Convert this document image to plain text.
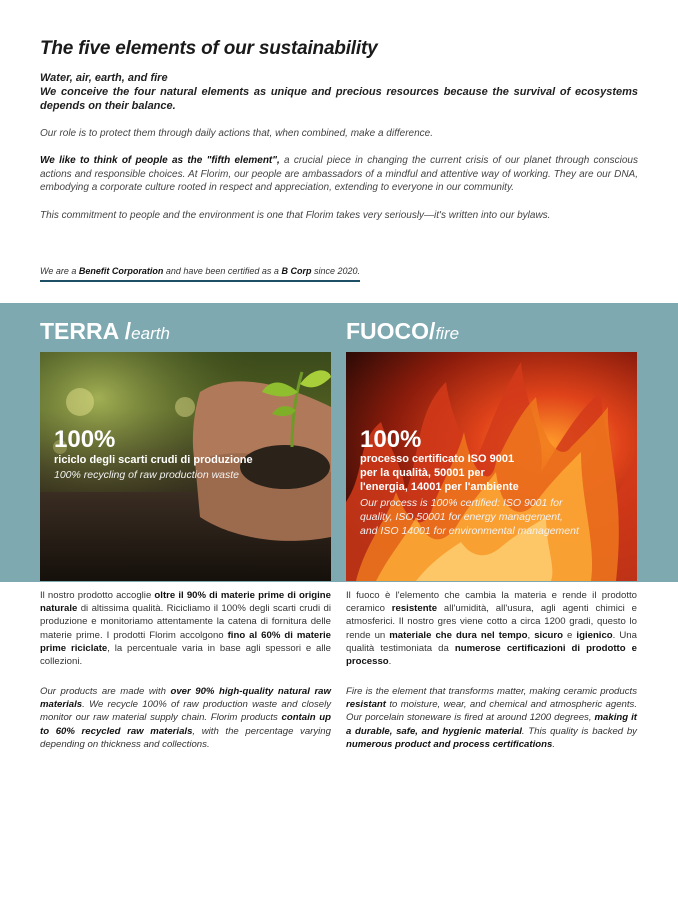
The five elements of our sustainability

Water, air, earth, and fire

We conceive the four natural elements as unique and precious resources because the survival of ecosystems depends on their balance.

Our role is to protect them through daily actions that, when combined, make a difference.

We like to think of people as the "fifth element", a crucial piece in changing the current crisis of our planet through conscious actions and responsible choices. At Florim, our people are ambassadors of a mindful and attentive way of working. They are our DNA, embodying a corporate culture rooted in respect and appreciation, extending to everyone in our community.

This commitment to people and the environment is one that Florim takes very seriously—it's written into our bylaws.

We are a Benefit Corporation and have been certified as a B Corp since 2020.
TERRA /earth	FUOCO/fire

100%

riciclo degli scarti crudi di produzione

100% recycling of raw production waste

100%

processo certificato ISO 9001

per la qualità, 50001 per

l'energia, 14001 per l'ambiente

Our process is 100% certified: ISO 9001 for

quality, ISO 50001 for energy management,

and ISO 14001 for environmental management

Il nostro prodotto accoglie oltre il 90% di materie prime di origine naturale di altissima qualità. Ricicliamo il 100% degli scarti crudi di produzione e monitoriamo attentamente la catena di fornitura delle materie prime. I prodotti Florim accolgono fino al 60% di materie prime riciclate, la percentuale varia in base agli spessori e alle collezioni.

Our products are made with over 90% high-quality natural raw materials. We recycle 100% of raw production waste and closely monitor our raw material supply chain. Florim products contain up to 60% recycled raw materials, with the percentage varying depending on thickness and collections.

Il fuoco è l'elemento che cambia la materia e rende il prodotto ceramico resistente all'umidità, all'usura, agli agenti chimici e atmosferici. Il nostro gres viene cotto a circa 1200 gradi, questo lo rende un materiale che dura nel tempo, sicuro e igienico. Una qualità testimoniata da numerose certificazioni di prodotto e processo.

Fire is the element that transforms matter, making ceramic products resistant to moisture, wear, and chemical and atmospheric agents. Our porcelain stoneware is fired at around 1200 degrees, making it a durable, safe, and hygienic material. This quality is backed by numerous product and process certifications.
